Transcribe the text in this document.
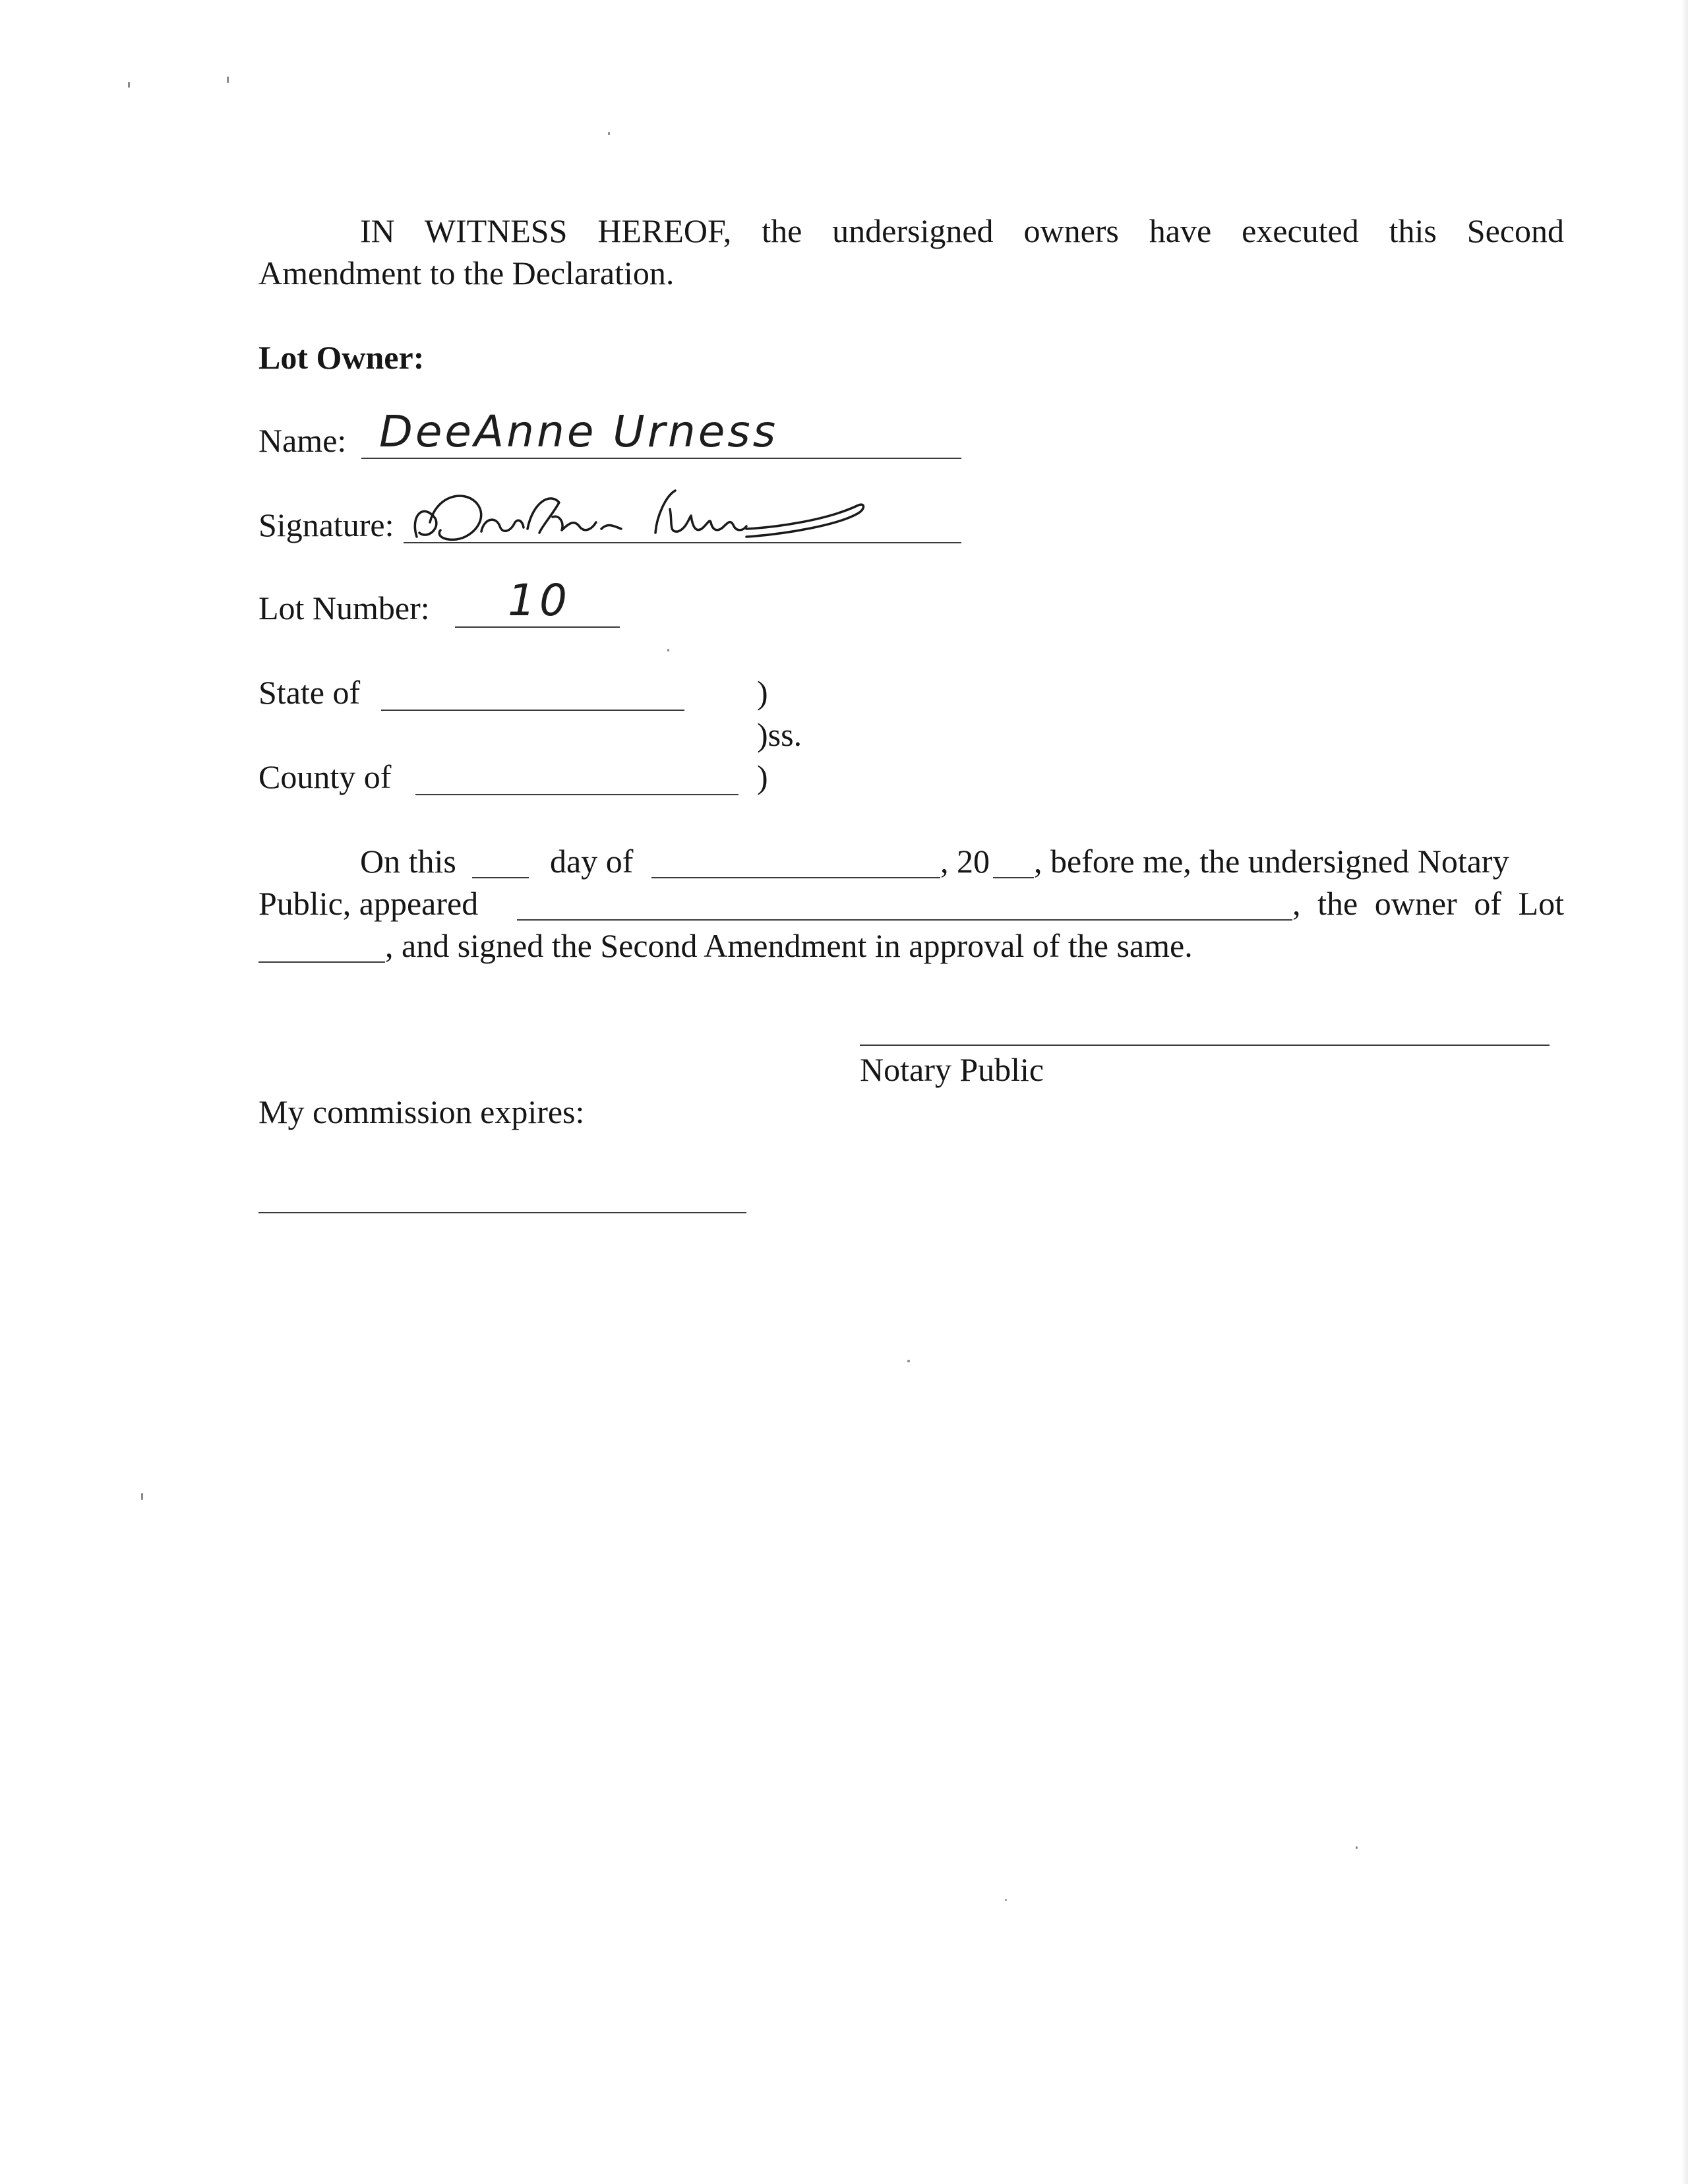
IN WITNESS HEREOF, the undersigned owners have executed this Second
Amendment to the Declaration.
Lot Owner:
Name: DeeAnne Urness
Signature:
Lot Number: 10
State of	)
)ss.
County of	)
On this	day of	, 20 , before me, the undersigned Notary
Public, appeared	, the owner of Lot
, and signed the Second Amendment in approval of the same.
Notary Public
My commission expires:
